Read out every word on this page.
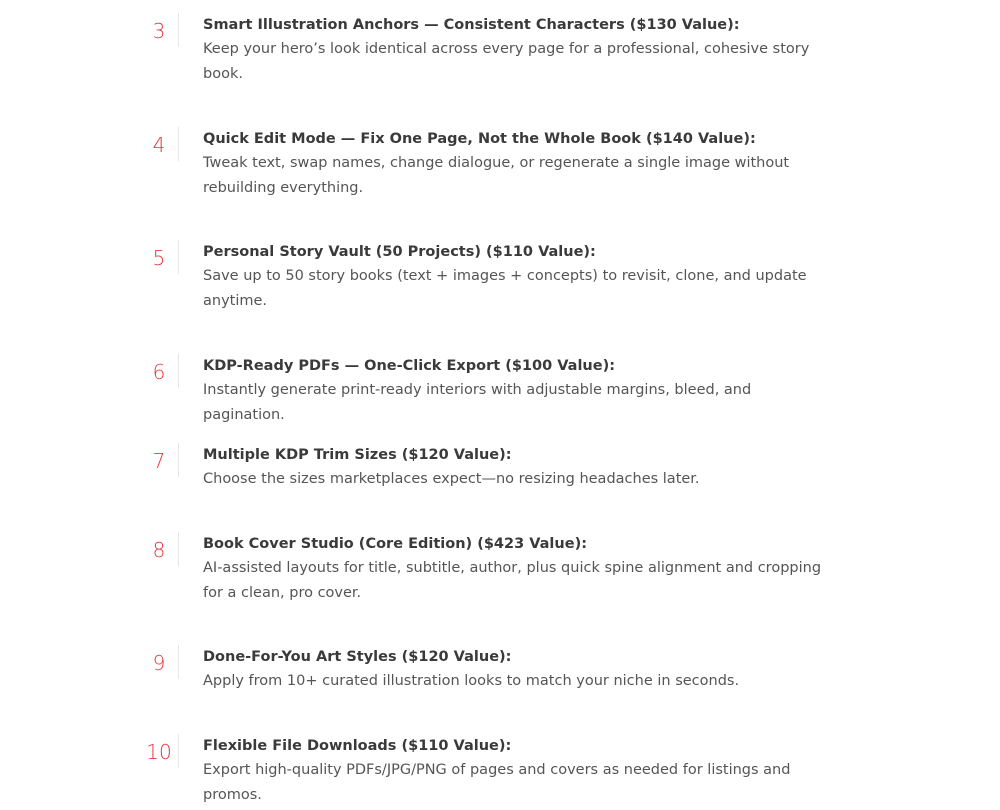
3	Smart Illustration Anchors — Consistent Characters ($130 Value):
Keep your hero’s look identical across every page for a professional, cohesive story book.
4	Quick Edit Mode — Fix One Page, Not the Whole Book ($140 Value):
Tweak text, swap names, change dialogue, or regenerate a single image without rebuilding everything.
5	Personal Story Vault (50 Projects) ($110 Value):
Save up to 50 story books (text + images + concepts) to revisit, clone, and update anytime.
6	KDP-Ready PDFs — One-Click Export ($100 Value):
Instantly generate print-ready interiors with adjustable margins, bleed, and pagination.
7	Multiple KDP Trim Sizes ($120 Value):
Choose the sizes marketplaces expect—no resizing headaches later.
8	Book Cover Studio (Core Edition) ($423 Value):
AI-assisted layouts for title, subtitle, author, plus quick spine alignment and cropping for a clean, pro cover.
9	Done-For-You Art Styles ($120 Value):
Apply from 10+ curated illustration looks to match your niche in seconds.
10	Flexible File Downloads ($110 Value):
Export high-quality PDFs/JPG/PNG of pages and covers as needed for listings and promos.
